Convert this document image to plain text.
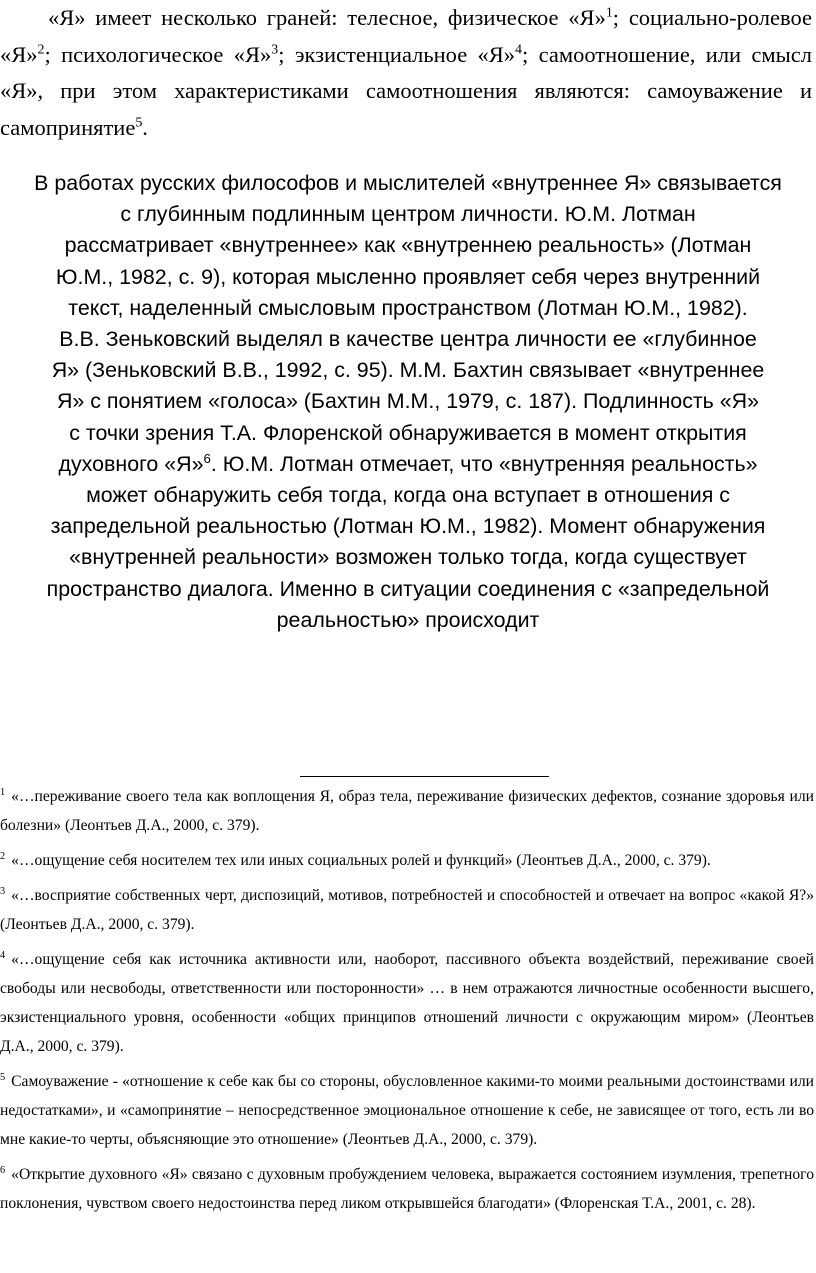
«Я» имеет несколько граней: телесное, физическое «Я»$^1$; социально-ролевое «Я»$^2$; психологическое «Я»$^3$; экзистенциальное «Я»$^4$; самоотношение, или смысл «Я», при этом характеристиками самоотношения являются: самоуважение и самопринятие$^5$.

В работах русских философов и мыслителей «внутреннее Я» связывается
с глубинным подлинным центром личности. Ю.М. Лотман
рассматривает «внутреннее» как «внутреннею реальность» (Лотман
Ю.М., 1982, с. 9), которая мысленно проявляет себя через внутренний
текст, наделенный смысловым пространством (Лотман Ю.М., 1982).
В.В. Зеньковский выделял в качестве центра личности ее «глубинное
Я» (Зеньковский В.В., 1992, с. 95). М.М. Бахтин связывает «внутреннее
Я» с понятием «голоса» (Бахтин М.М., 1979, с. 187). Подлинность «Я»
с точки зрения Т.А. Флоренской обнаруживается в момент открытия
духовного «Я»$^6$. Ю.М. Лотман отмечает, что «внутренняя реальность»
может обнаружить себя тогда, когда она вступает в отношения с
запредельной реальностью (Лотман Ю.М., 1982). Момент обнаружения
«внутренней реальности» возможен только тогда, когда существует
пространство диалога. Именно в ситуации соединения с «запредельной
реальностью» происходит

$^1$ «…переживание своего тела как воплощения Я, образ тела, переживание физических дефектов, сознание здоровья или болезни» (Леонтьев Д.А., 2000, с. 379).

$^2$ «…ощущение себя носителем тех или иных социальных ролей и функций» (Леонтьев Д.А., 2000, с. 379).

$^3$ «…восприятие собственных черт, диспозиций, мотивов, потребностей и способностей и отвечает на вопрос «какой Я?» (Леонтьев Д.А., 2000, с. 379).

$^4$ «…ощущение себя как источника активности или, наоборот, пассивного объекта воздействий, переживание своей свободы или несвободы, ответственности или посторонности» … в нем отражаются личностные особенности высшего, экзистенциального уровня, особенности «общих принципов отношений личности с окружающим миром» (Леонтьев Д.А., 2000, с. 379).

$^5$ Самоуважение - «отношение к себе как бы со стороны, обусловленное какими-то моими реальными достоинствами или недостатками», и «самопринятие – непосредственное эмоциональное отношение к себе, не зависящее от того, есть ли во мне какие-то черты, объясняющие это отношение» (Леонтьев Д.А., 2000, с. 379).

$^6$ «Открытие духовного «Я» связано с духовным пробуждением человека, выражается состоянием изумления, трепетного поклонения, чувством своего недостоинства перед ликом открывшейся благодати» (Флоренская Т.А., 2001, с. 28).
